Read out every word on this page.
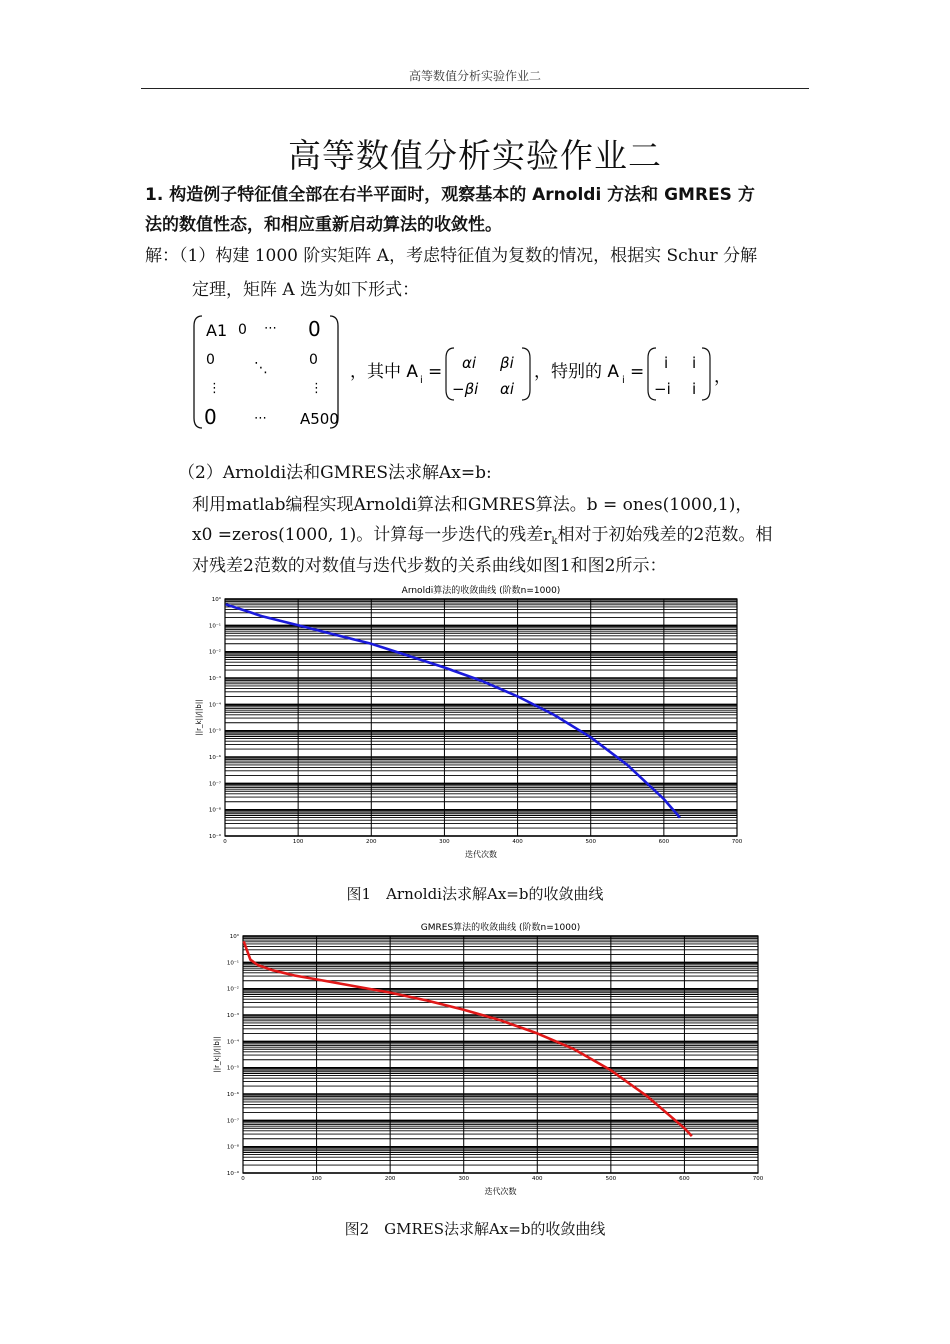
高等数值分析实验作业二
高等数值分析实验作业二
1. 构造例子特征值全部在右半平面时，观察基本的 Arnoldi 方法和 GMRES 方
法的数值性态，和相应重新启动算法的收敛性。
解：（1）构建 1000 阶实矩阵 A，考虑特征值为复数的情况，根据实 Schur 分解
定理，矩阵 A 选为如下形式：
A1 0 ⋯ 0
0	⋱	0
⋮	⋮
0	⋯ A500
，其中 A i = αi βi
−βi αi
，特别的 A i = i i
−i i
，
（2）Arnoldi法和GMRES法求解Ax=b:
利用matlab编程实现Arnoldi算法和GMRES算法。b = ones(1000,1)，
x0 =zeros(1000, 1)。计算每一步迭代的残差$r_k$相对于初始残差的2范数。相
对残差2范数的对数值与迭代步数的关系曲线如图1和图2所示：
Arnoldi算法的收敛曲线 (阶数n=1000)
10⁰
10⁻¹
10⁻²
10⁻³
10⁻⁴
10⁻⁵
10⁻⁶
10⁻⁷
10⁻⁸
10⁻⁹
0	100	200	300	400	500	600	700
迭代次数
||r_k||/||b||
图1　Arnoldi法求解Ax=b的收敛曲线
GMRES算法的收敛曲线 (阶数n=1000)
10⁰
10⁻¹
10⁻²
10⁻³
10⁻⁴
10⁻⁵
10⁻⁶
10⁻⁷
10⁻⁸
10⁻⁹
0	100	200	300	400	500	600	700
迭代次数
||r_k||/||b||
图2　GMRES法求解Ax=b的收敛曲线
